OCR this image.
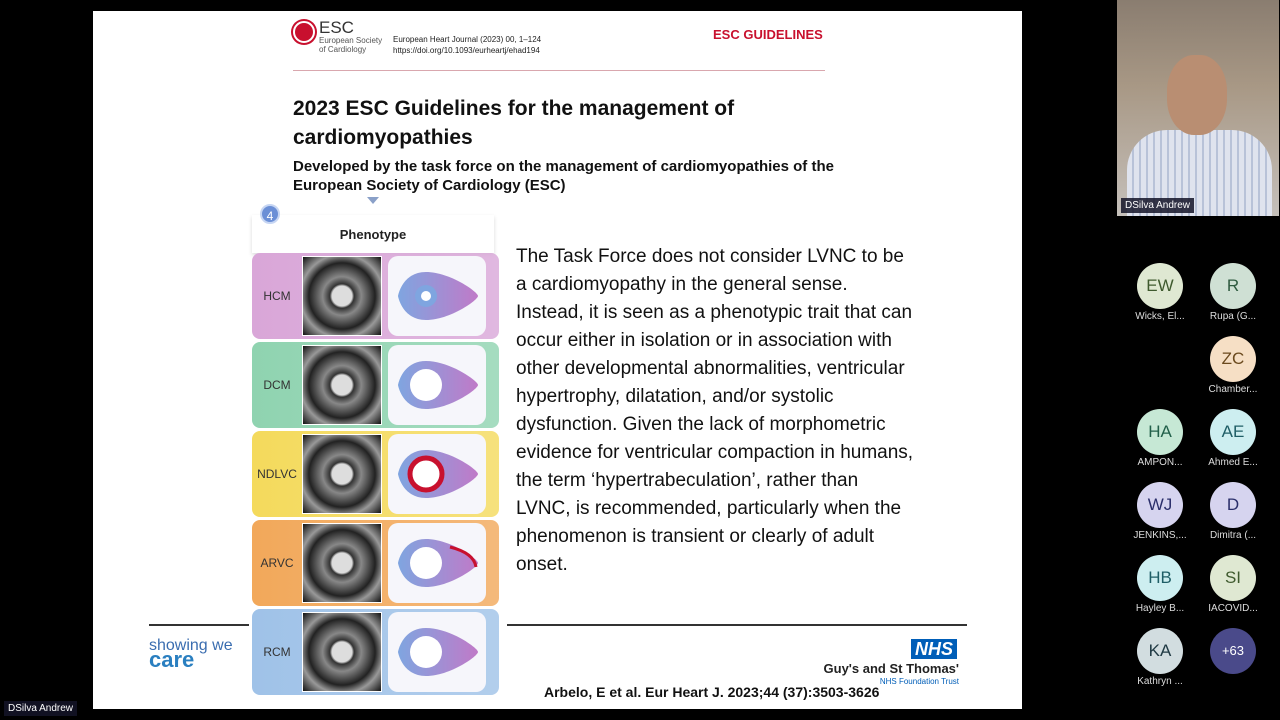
ESC
European Society
of Cardiology
European Heart Journal (2023) 00, 1–124
https://doi.org/10.1093/eurheartj/ehad194
ESC GUIDELINES
2023 ESC Guidelines for the management of cardiomyopathies
Developed by the task force on the management of cardiomyopathies of the European Society of Cardiology (ESC)
Phenotype
4
HCM
DCM
NDLVC
ARVC
RCM
The Task Force does not consider LVNC to be a cardiomyopathy in the general sense. Instead, it is seen as a phenotypic trait that can occur either in isolation or in association with other developmental abnormalities, ventricular hypertrophy, dilatation, and/or systolic dysfunction. Given the lack of morphometric evidence for ventricular compaction in humans, the term ‘hypertrabeculation’, rather than LVNC, is recommended, particularly when the phenomenon is transient or clearly of adult onset.
showing we
care	NHS
Guy's and St Thomas'
NHS Foundation Trust
Arbelo, E et al. Eur Heart J. 2023;44 (37):3503-3626
DSilva Andrew
DSilva Andrew
EW
Wicks, El...
R
Rupa (G...
ZC
Chamber...
HA
AMPON...
AE
Ahmed E...
WJ
JENKINS,...
D
Dimitra (...
HB
Hayley B...
SI
IACOVID...
KA
Kathryn ...
+63
